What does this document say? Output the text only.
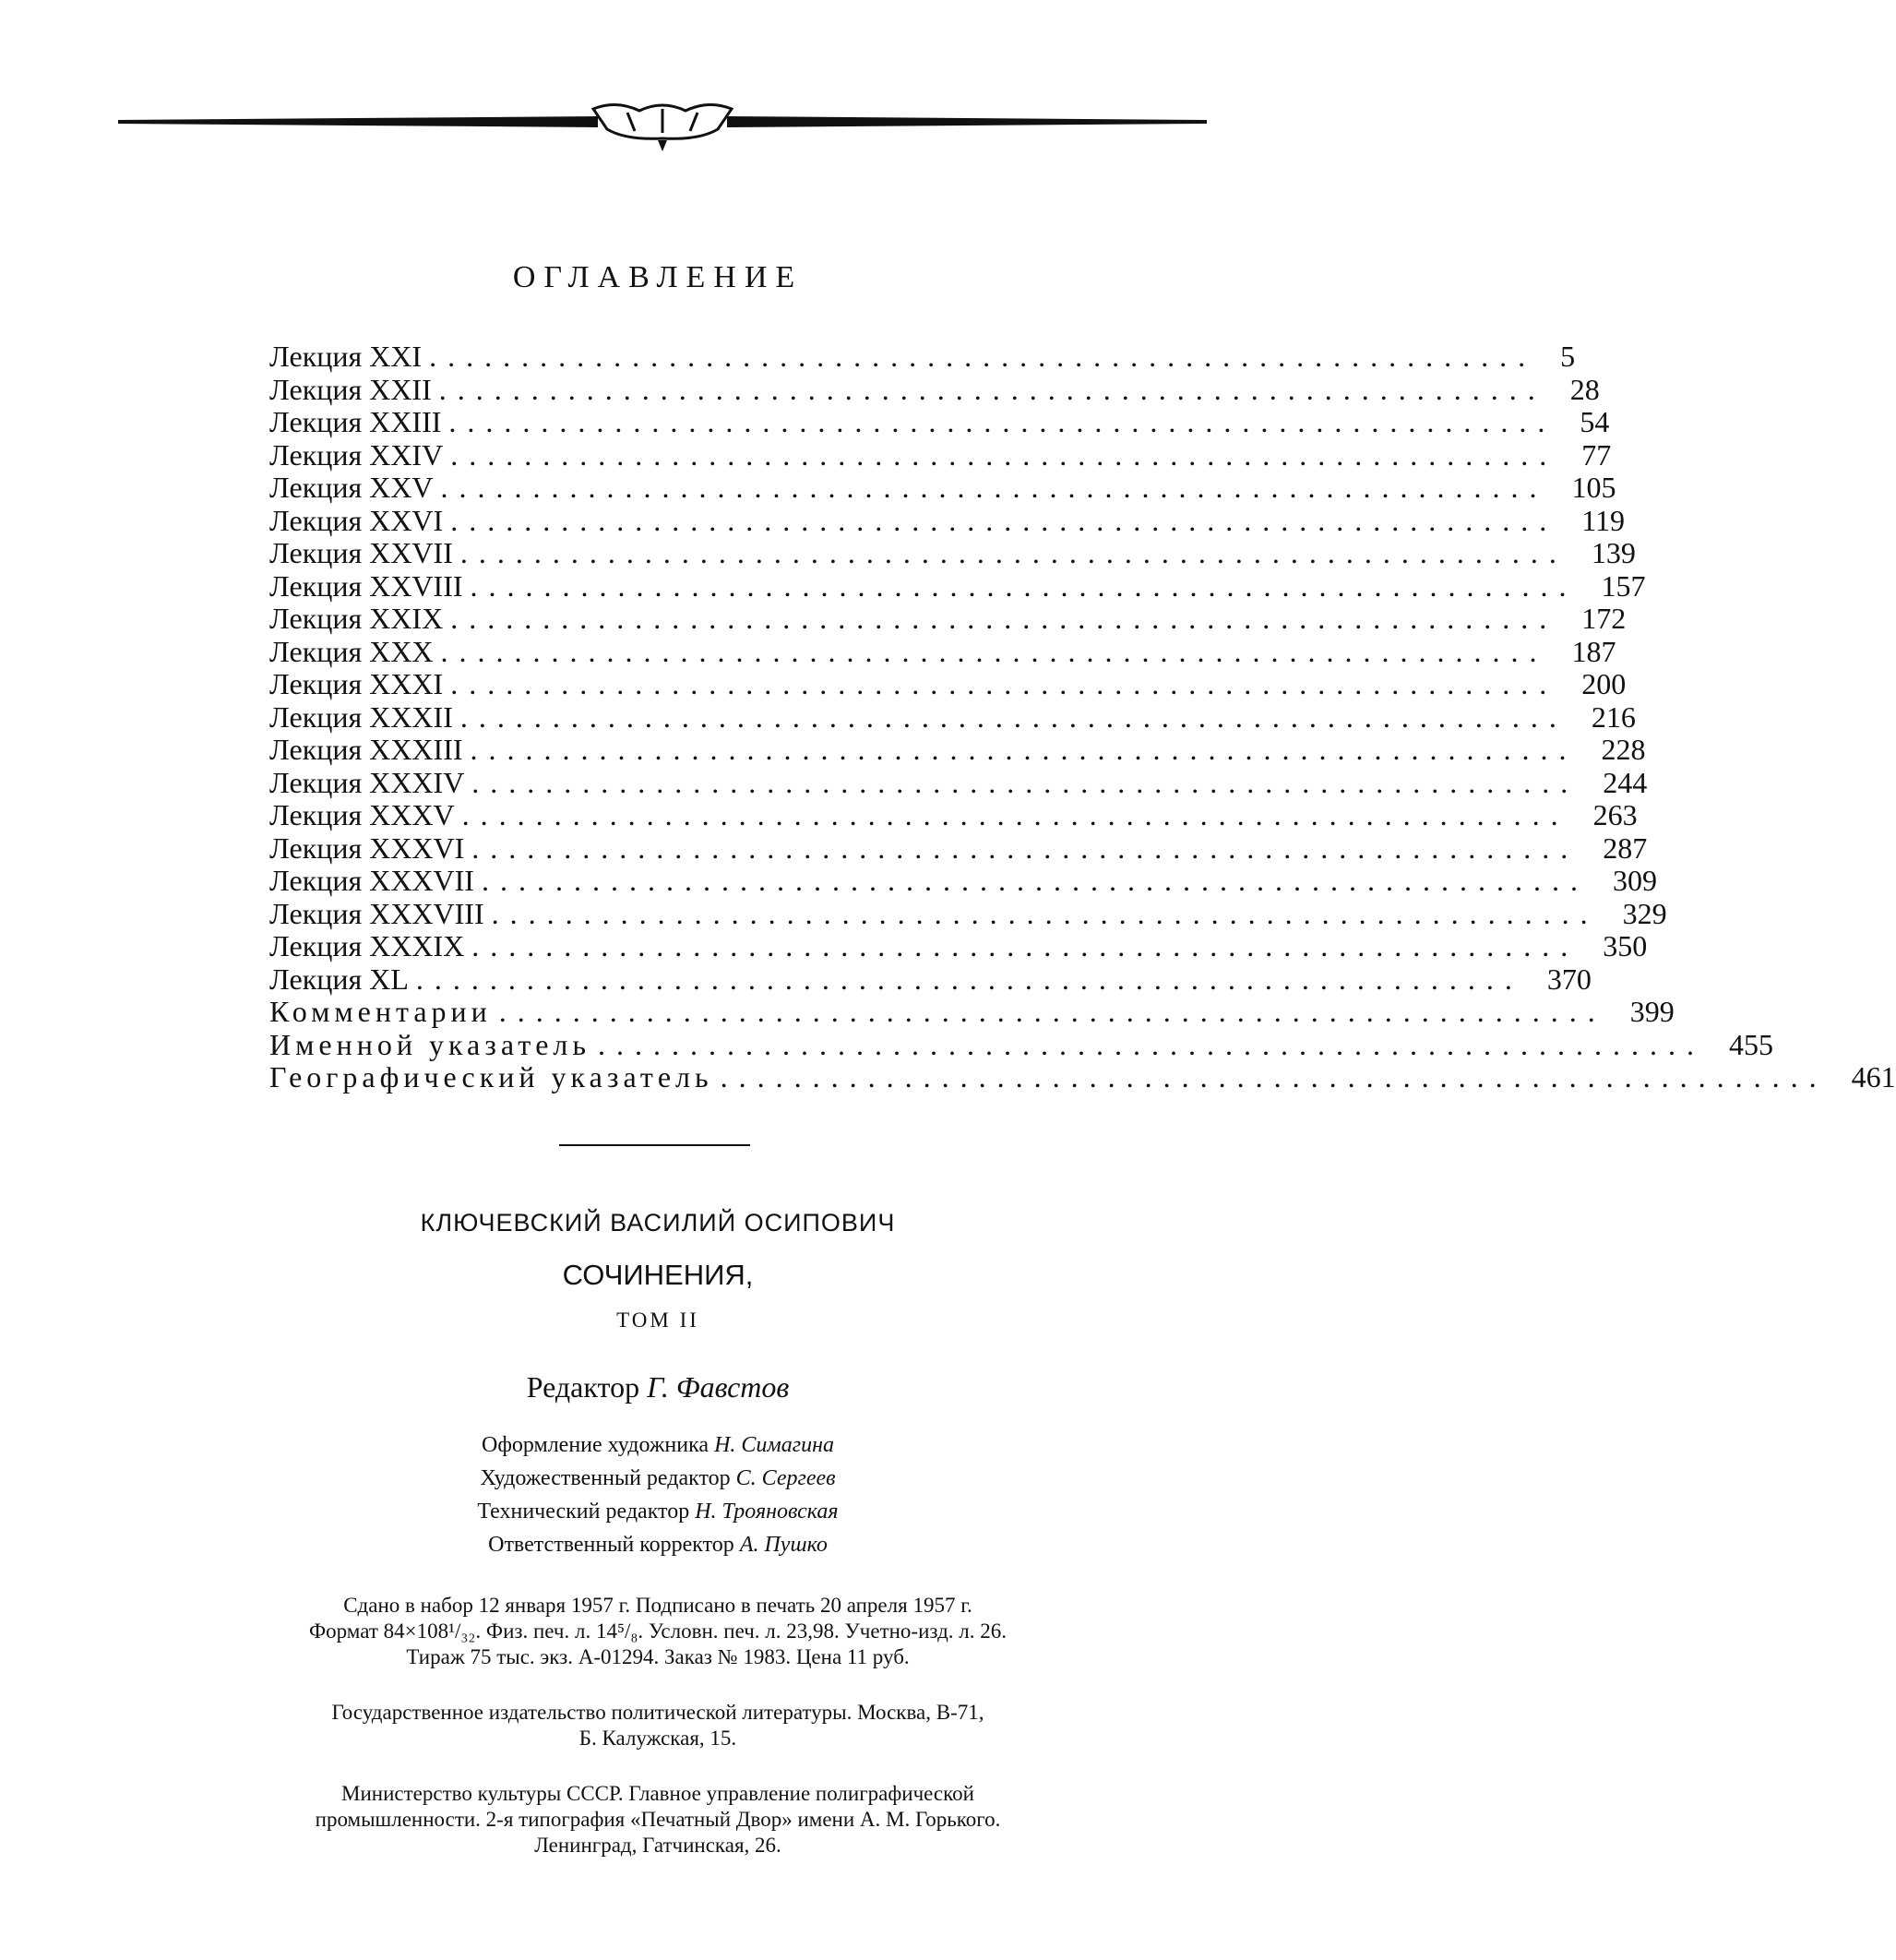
ОГЛАВЛЕНИЕ
Лекция XXI ............................................................ 5
Лекция XXII ............................................................ 28
Лекция XXIII ............................................................ 54
Лекция XXIV ............................................................ 77
Лекция XXV ............................................................ 105
Лекция XXVI ............................................................ 119
Лекция XXVII ............................................................ 139
Лекция XXVIII ............................................................ 157
Лекция XXIX ............................................................ 172
Лекция XXX ............................................................ 187
Лекция XXXI ............................................................ 200
Лекция XXXII ............................................................ 216
Лекция XXXIII ............................................................ 228
Лекция XXXIV ............................................................ 244
Лекция XXXV ............................................................ 263
Лекция XXXVI ............................................................ 287
Лекция XXXVII ............................................................ 309
Лекция XXXVIII ............................................................ 329
Лекция XXXIX ............................................................ 350
Лекция XL ............................................................ 370
Комментарии ............................................................ 399
Именной указатель ............................................................ 455
Географический указатель ............................................................ 461
КЛЮЧЕВСКИЙ ВАСИЛИЙ ОСИПОВИЧ
СОЧИНЕНИЯ,
ТОМ II
Редактор Г. Фавстов
Оформление художника Н. Симагина
Художественный редактор С. Сергеев
Технический редактор Н. Трояновская
Ответственный корректор А. Пушко
Сдано в набор 12 января 1957 г. Подписано в печать 20 апреля 1957 г.
Формат 84×108¹/₃₂. Физ. печ. л. 14⁵/₈. Условн. печ. л. 23,98. Учетно-изд. л. 26.
Тираж 75 тыс. экз. А-01294. Заказ № 1983. Цена 11 руб.
Государственное издательство политической литературы. Москва, В-71,
Б. Калужская, 15.
Министерство культуры СССР. Главное управление полиграфической
промышленности. 2-я типография «Печатный Двор» имени А. М. Горького.
Ленинград, Гатчинская, 26.
